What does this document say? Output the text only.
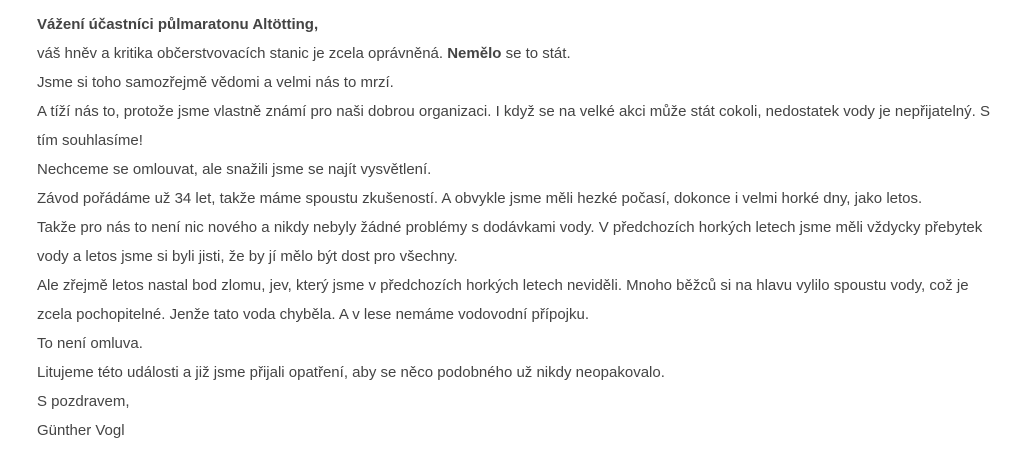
Vážení účastníci půlmaratonu Altötting,

váš hněv a kritika občerstvovacích stanic je zcela oprávněná. Nemělo se to stát.

Jsme si toho samozřejmě vědomi a velmi nás to mrzí.

A tíží nás to, protože jsme vlastně známí pro naši dobrou organizaci. I když se na velké akci může stát cokoli, nedostatek vody je nepřijatelný. S tím souhlasíme!

Nechceme se omlouvat, ale snažili jsme se najít vysvětlení.

Závod pořádáme už 34 let, takže máme spoustu zkušeností. A obvykle jsme měli hezké počasí, dokonce i velmi horké dny, jako letos.

Takže pro nás to není nic nového a nikdy nebyly žádné problémy s dodávkami vody. V předchozích horkých letech jsme měli vždycky přebytek vody a letos jsme si byli jisti, že by jí mělo být dost pro všechny.

Ale zřejmě letos nastal bod zlomu, jev, který jsme v předchozích horkých letech neviděli. Mnoho běžců si na hlavu vylilo spoustu vody, což je zcela pochopitelné. Jenže tato voda chyběla. A v lese nemáme vodovodní přípojku.

To není omluva.

Litujeme této události a již jsme přijali opatření, aby se něco podobného už nikdy neopakovalo.

S pozdravem,

Günther Vogl
